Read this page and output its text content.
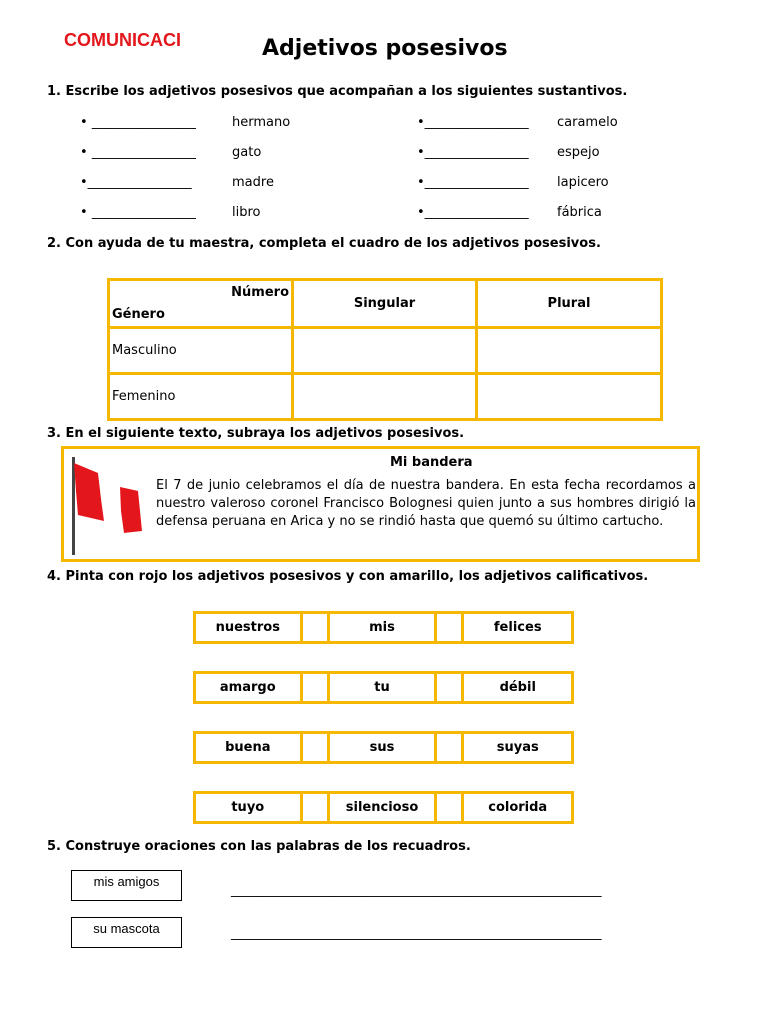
COMUNICACI	Adjetivos posesivos
1. Escribe los adjetivos posesivos que acompañan a los siguientes sustantivos.
• ________________	hermano
• ________________	gato
•________________	madre
• ________________	libro
•________________ caramelo
•________________ espejo
•________________ lapicero
•________________ fábrica
2. Con ayuda de tu maestra, completa el cuadro de los adjetivos posesivos.
Número
Género	Singular	Plural
Masculino		
Femenino		
3. En el siguiente texto, subraya los adjetivos posesivos.
Mi bandera
El 7 de junio celebramos el día de nuestra bandera. En esta fecha recordamos a nuestro valeroso coronel Francisco Bolognesi quien junto a sus hombres dirigió la defensa peruana en Arica y no se rindió hasta que quemó su último cartucho.
4. Pinta con rojo los adjetivos posesivos y con amarillo, los adjetivos calificativos.
nuestros	mis	felices
amargo	tu	débil
buena	sus	suyas
tuyo	silencioso	colorida
5. Construye oraciones con las palabras de los recuadros.
mis amigos
_________________________________________________________
su mascota	_________________________________________________________
